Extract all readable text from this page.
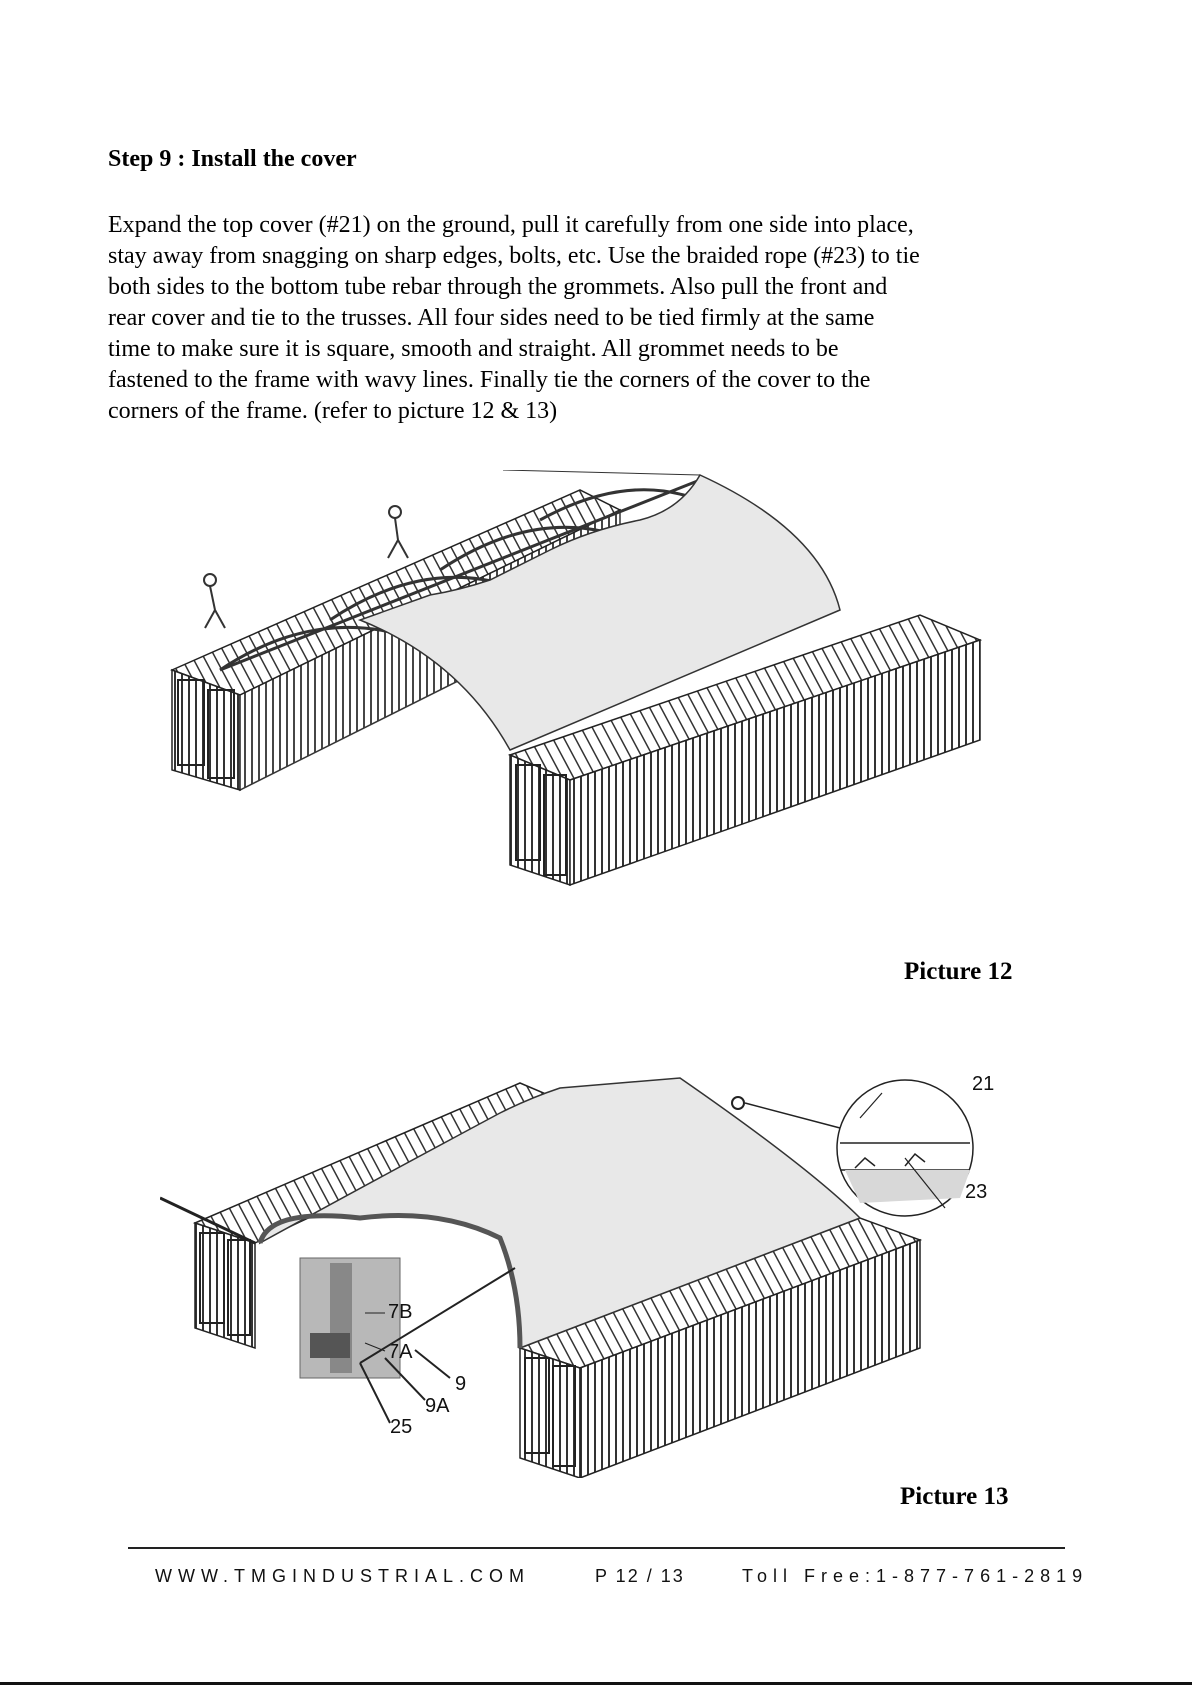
Step 9 : Install the cover
Expand the top cover (#21) on the ground, pull it carefully from one side into place,
stay away from snagging on sharp edges, bolts, etc. Use the braided rope (#23) to tie
both sides to the bottom tube rebar through the grommets. Also pull the front and
rear cover and tie to the trusses. All four sides need to be tied firmly at the same
time to make sure it is square, smooth and straight. All grommet needs to be
fastened to the frame with wavy lines. Finally tie the corners of the cover to the
corners of the frame. (refer to picture 12 & 13)
Picture 12
21
23
7B
7A
9
9A
25
Picture 13
WWW.TMGINDUSTRIAL.COM	P 12 / 13	Toll Free:1-877-761-2819
